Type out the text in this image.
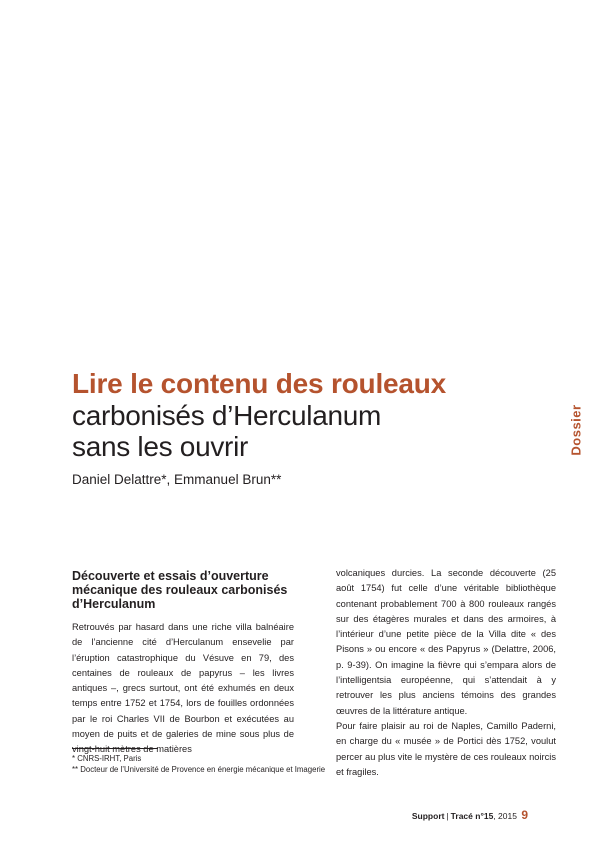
Lire le contenu des rouleaux
carbonisés d’Herculanum
sans les ouvrir
Daniel Delattre*, Emmanuel Brun**
Dossier
Découverte et essais d’ouverture
mécanique des rouleaux carbonisés
d’Herculanum

Retrouvés par hasard dans une riche villa balnéaire de l’ancienne cité d’Herculanum ensevelie par l’éruption catastrophique du Vésuve en 79, des centaines de rouleaux de papyrus – les livres antiques –, grecs surtout, ont été exhumés en deux temps entre 1752 et 1754, lors de fouilles ordonnées par le roi Charles VII de Bourbon et exécutées au moyen de puits et de galeries de mine sous plus de vingt-huit mètres de matières

volcaniques durcies. La seconde découverte (25 août 1754) fut celle d’une véritable bibliothèque contenant probablement 700 à 800 rouleaux rangés sur des étagères murales et dans des armoires, à l’intérieur d’une petite pièce de la Villa dite « des Pisons » ou encore « des Papyrus » (Delattre, 2006, p. 9-39). On imagine la fièvre qui s’empara alors de l’intelligentsia européenne, qui s’attendait à y retrouver les plus anciens témoins des grandes œuvres de la littérature antique.

Pour faire plaisir au roi de Naples, Camillo Paderni, en charge du « musée » de Portici dès 1752, voulut percer au plus vite le mystère de ces rouleaux noircis et fragiles.

* CNRS-IRHT, Paris
** Docteur de l’Université de Provence en énergie mécanique et Imagerie
Support | Tracé n°15, 2015 9
